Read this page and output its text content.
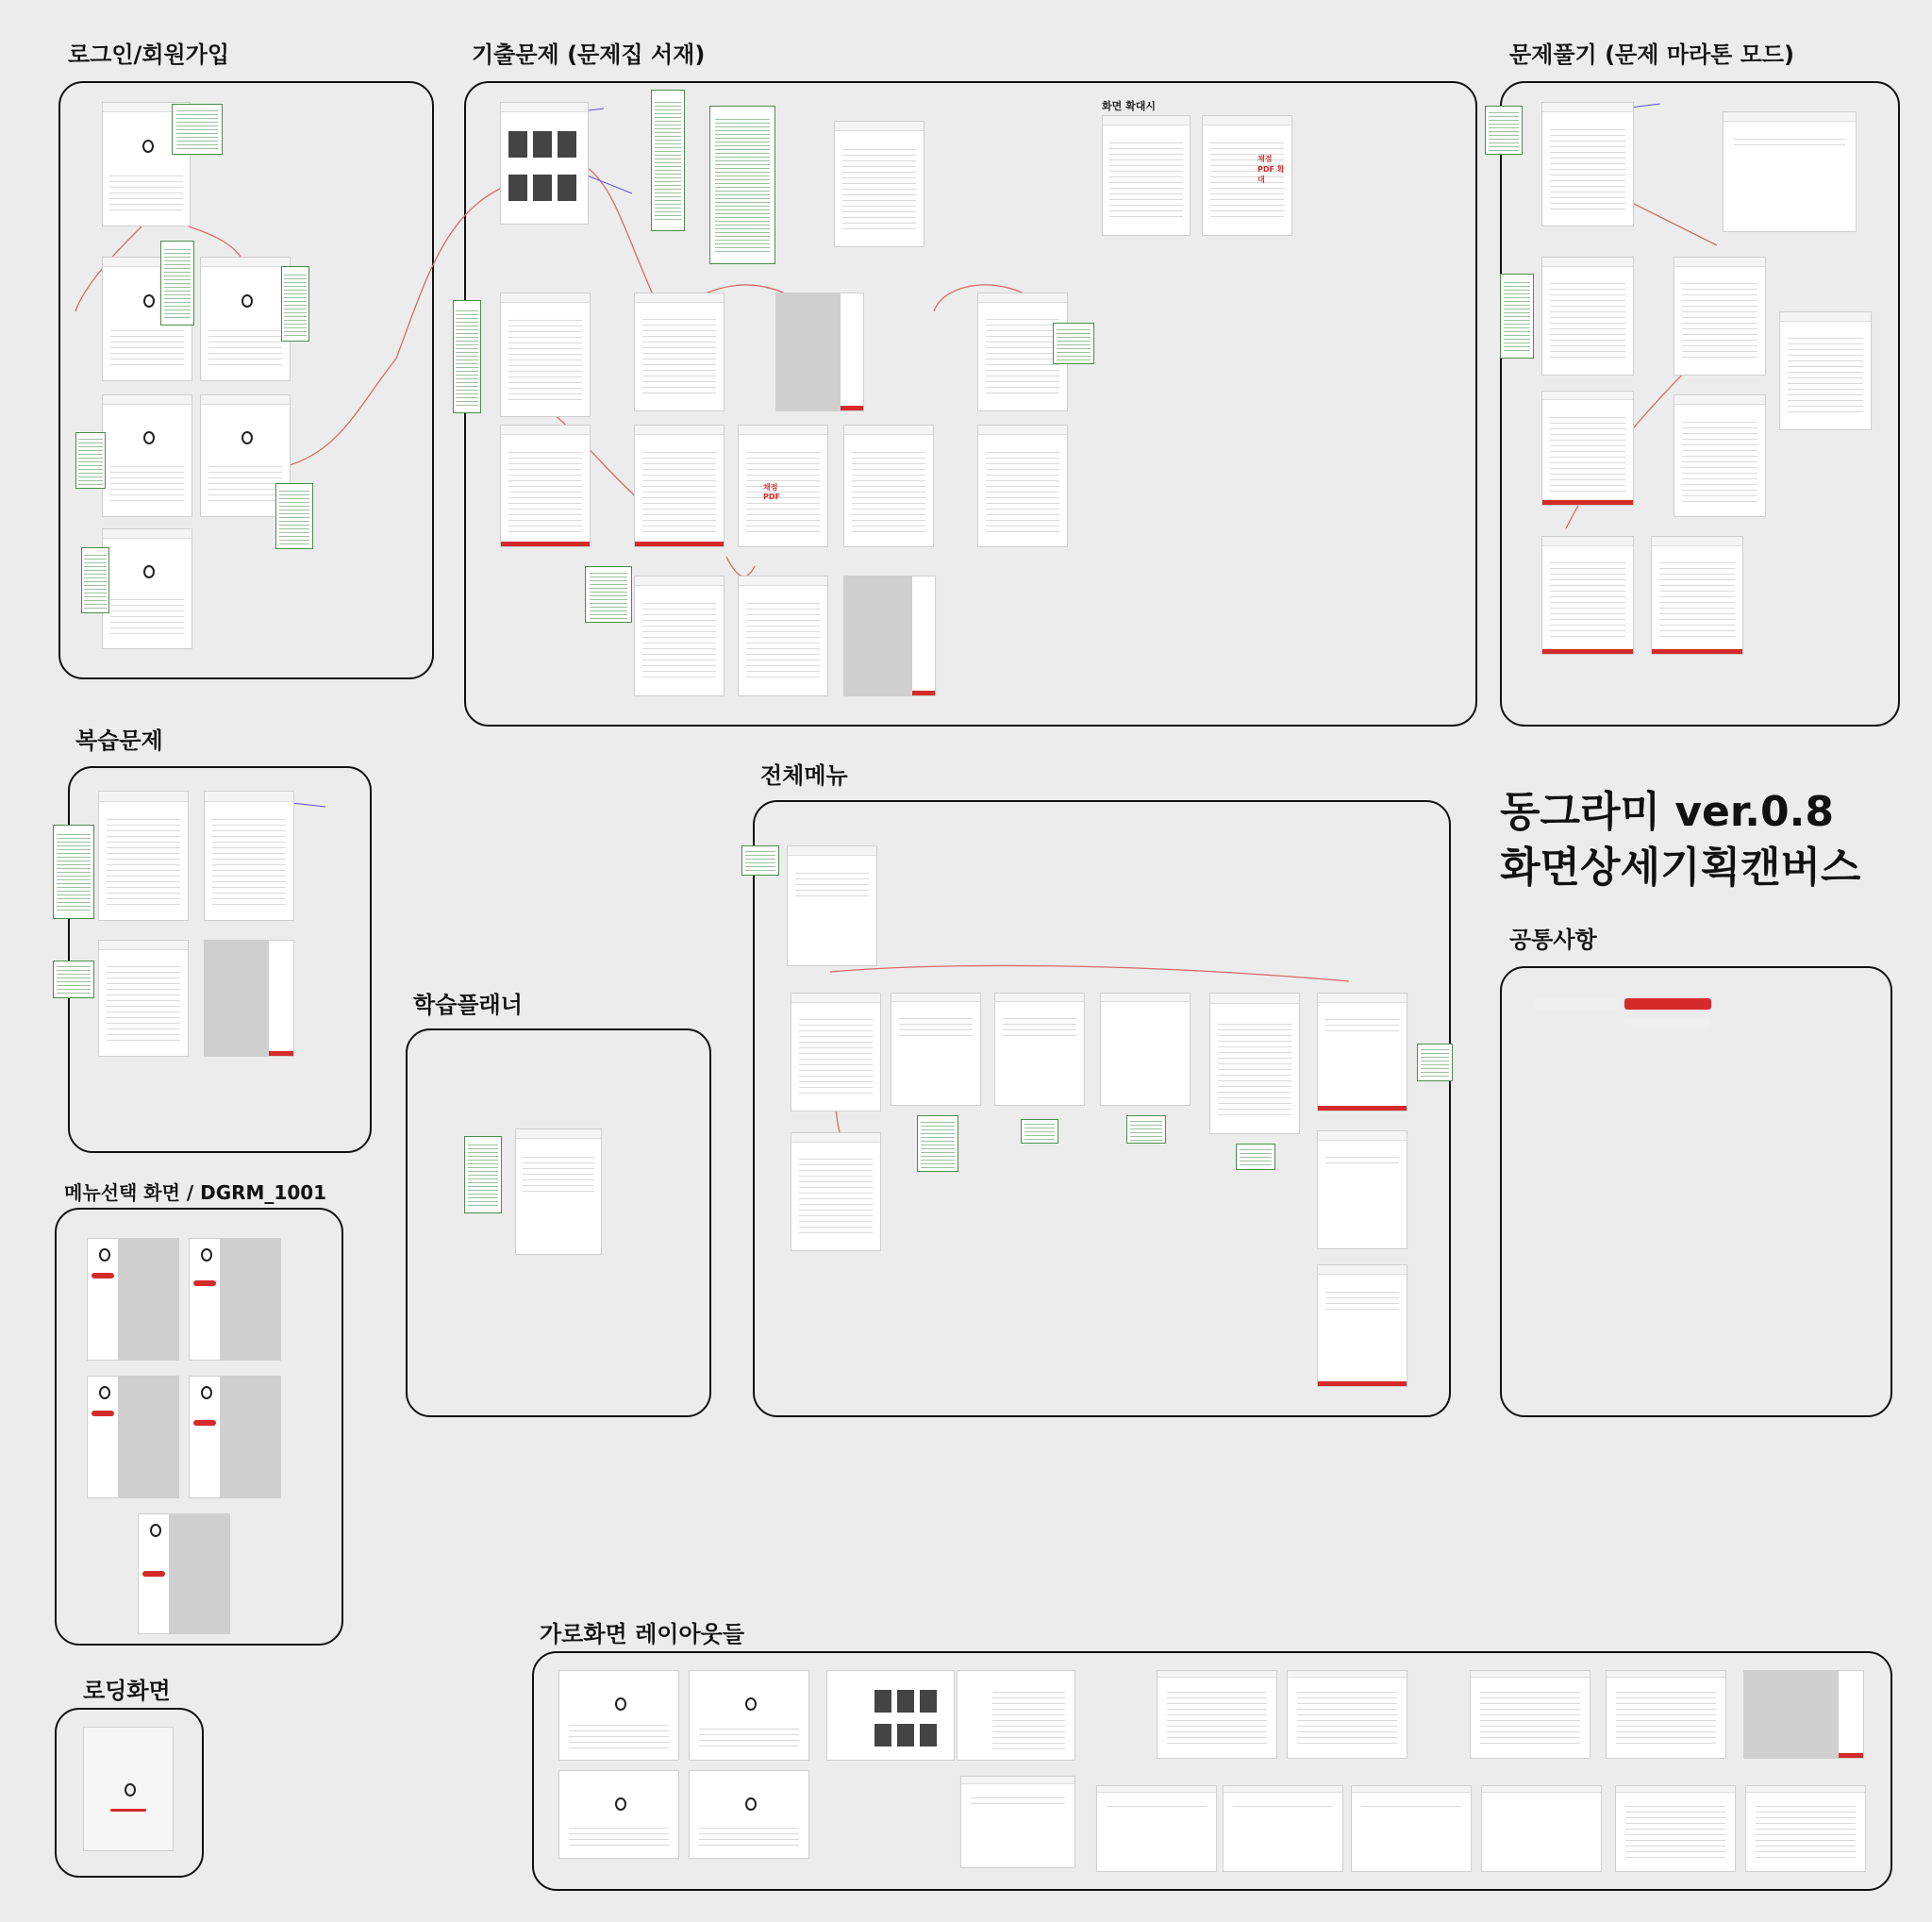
로그인/회원가입	기출문제 (문제집 서재)	문제풀기 (문제 마라톤 모드)
복습문제
전체메뉴
학습플래너
공통사항
메뉴선택 화면 / DGRM_1001
로딩화면
가로화면 레이아웃들
화면 확대시
동그라미 ver.0.8
화면상세기획캔버스
채점 PDF 확대
채점 PDF
